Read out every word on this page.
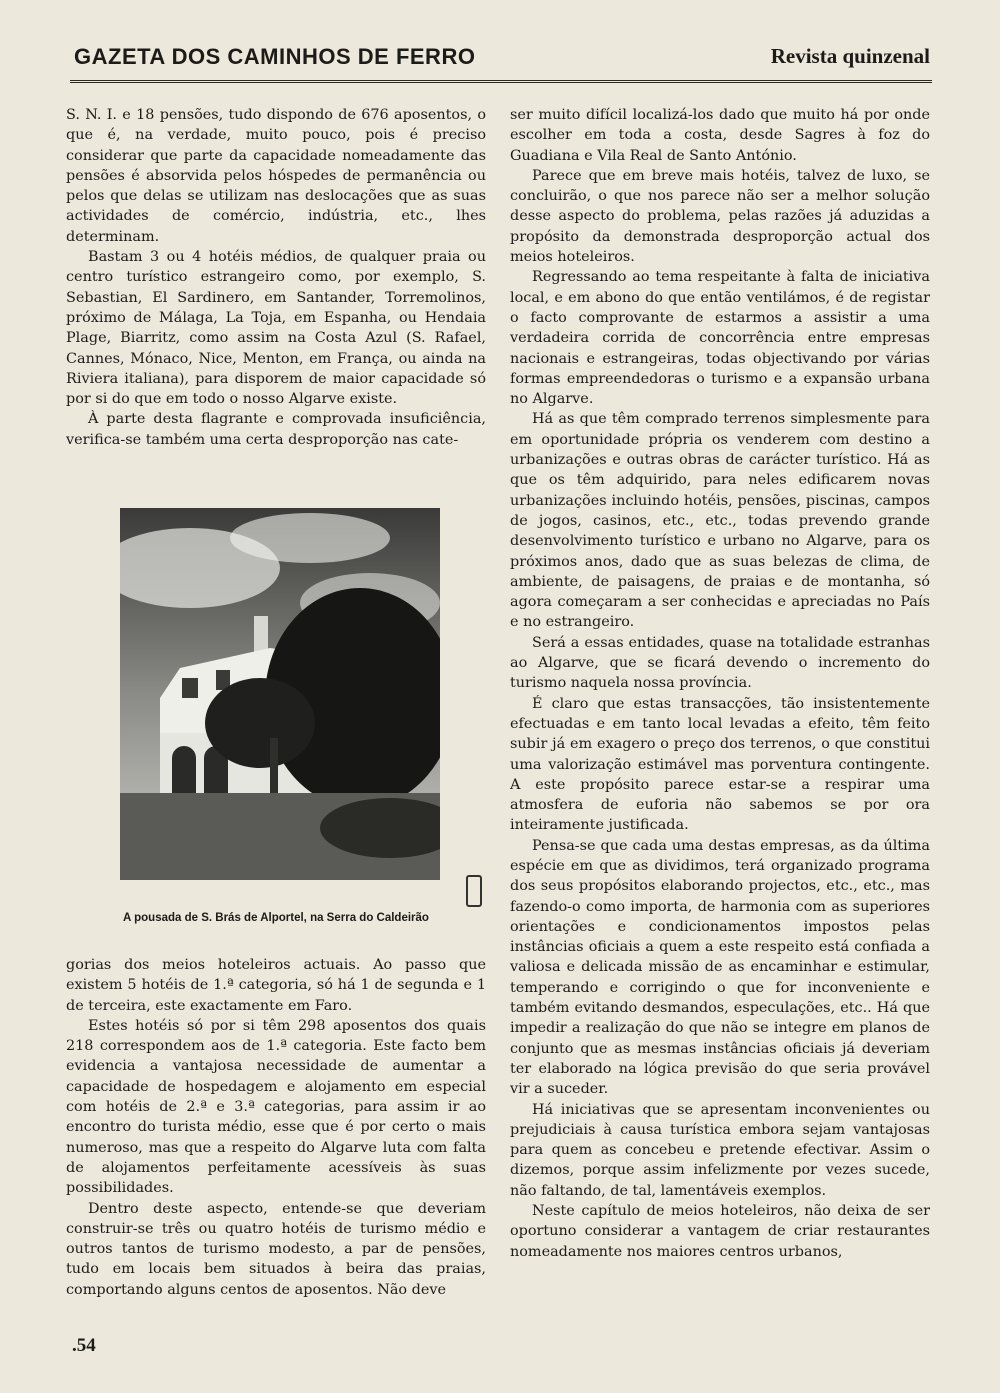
GAZETA DOS CAMINHOS DE FERRO	Revista quinzenal

S. N. I. e 18 pensões, tudo dispondo de 676 aposentos, o que é, na verdade, muito pouco, pois é preciso considerar que parte da capacidade nomeadamente das pensões é absorvida pelos hóspedes de permanência ou pelos que delas se utilizam nas deslocações que as suas actividades de comércio, indústria, etc., lhes determinam.

Bastam 3 ou 4 hotéis médios, de qualquer praia ou centro turístico estrangeiro como, por exemplo, S. Sebastian, El Sardinero, em Santander, Torremolinos, próximo de Málaga, La Toja, em Espanha, ou Hendaia Plage, Biarritz, como assim na Costa Azul (S. Rafael, Cannes, Mónaco, Nice, Menton, em França, ou ainda na Riviera italiana), para disporem de maior capacidade só por si do que em todo o nosso Algarve existe.

À parte desta flagrante e comprovada insuficiência, verifica-se também uma certa desproporção nas cate-

A pousada de S. Brás de Alportel, na Serra do Caldeirão

gorias dos meios hoteleiros actuais. Ao passo que existem 5 hotéis de 1.ª categoria, só há 1 de segunda e 1 de terceira, este exactamente em Faro.

Estes hotéis só por si têm 298 aposentos dos quais 218 correspondem aos de 1.ª categoria. Este facto bem evidencia a vantajosa necessidade de aumentar a capacidade de hospedagem e alojamento em especial com hotéis de 2.ª e 3.ª categorias, para assim ir ao encontro do turista médio, esse que é por certo o mais numeroso, mas que a respeito do Algarve luta com falta de alojamentos perfeitamente acessíveis às suas possibilidades.

Dentro deste aspecto, entende-se que deveriam construir-se três ou quatro hotéis de turismo médio e outros tantos de turismo modesto, a par de pensões, tudo em locais bem situados à beira das praias, comportando alguns centos de aposentos. Não deve

ser muito difícil localizá-los dado que muito há por onde escolher em toda a costa, desde Sagres à foz do Guadiana e Vila Real de Santo António.

Parece que em breve mais hotéis, talvez de luxo, se concluirão, o que nos parece não ser a melhor solução desse aspecto do problema, pelas razões já aduzidas a propósito da demonstrada desproporção actual dos meios hoteleiros.

Regressando ao tema respeitante à falta de iniciativa local, e em abono do que então ventilámos, é de registar o facto comprovante de estarmos a assistir a uma verdadeira corrida de concorrência entre empresas nacionais e estrangeiras, todas objectivando por várias formas empreendedoras o turismo e a expansão urbana no Algarve.

Há as que têm comprado terrenos simplesmente para em oportunidade própria os venderem com destino a urbanizações e outras obras de carácter turístico. Há as que os têm adquirido, para neles edificarem novas urbanizações incluindo hotéis, pensões, piscinas, campos de jogos, casinos, etc., etc., todas prevendo grande desenvolvimento turístico e urbano no Algarve, para os próximos anos, dado que as suas belezas de clima, de ambiente, de paisagens, de praias e de montanha, só agora começaram a ser conhecidas e apreciadas no País e no estrangeiro.

Será a essas entidades, quase na totalidade estranhas ao Algarve, que se ficará devendo o incremento do turismo naquela nossa província.

É claro que estas transacções, tão insistentemente efectuadas e em tanto local levadas a efeito, têm feito subir já em exagero o preço dos terrenos, o que constitui uma valorização estimável mas porventura contingente. A este propósito parece estar-se a respirar uma atmosfera de euforia não sabemos se por ora inteiramente justificada.

Pensa-se que cada uma destas empresas, as da última espécie em que as dividimos, terá organizado programa dos seus propósitos elaborando projectos, etc., etc., mas fazendo-o como importa, de harmonia com as superiores orientações e condicionamentos impostos pelas instâncias oficiais a quem a este respeito está confiada a valiosa e delicada missão de as encaminhar e estimular, temperando e corrigindo o que for inconveniente e também evitando desmandos, especulações, etc.. Há que impedir a realização do que não se integre em planos de conjunto que as mesmas instâncias oficiais já deveriam ter elaborado na lógica previsão do que seria provável vir a suceder.

Há iniciativas que se apresentam inconvenientes ou prejudiciais à causa turística embora sejam vantajosas para quem as concebeu e pretende efectivar. Assim o dizemos, porque assim infelizmente por vezes sucede, não faltando, de tal, lamentáveis exemplos.

Neste capítulo de meios hoteleiros, não deixa de ser oportuno considerar a vantagem de criar restaurantes nomeadamente nos maiores centros urbanos,

.54
